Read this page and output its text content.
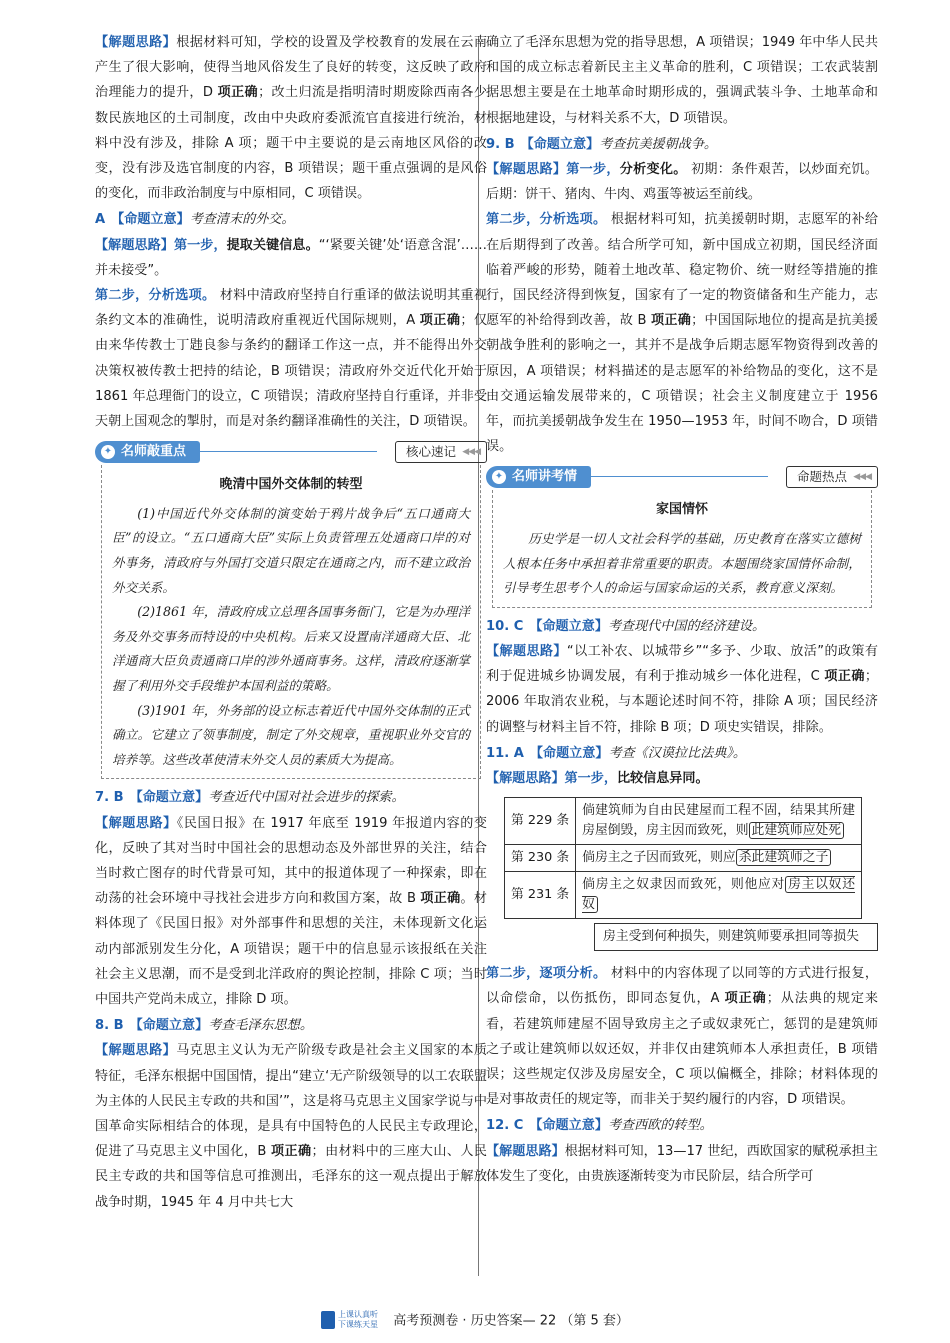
【解题思路】根据材料可知，学校的设置及学校教育的发展在云南产生了很大影响，使得当地风俗发生了良好的转变，这反映了政府治理能力的提升，D 项正确；改土归流是指明清时期废除西南各少数民族地区的土司制度，改由中央政府委派流官直接进行统治，材料中没有涉及，排除 A 项；题干中主要说的是云南地区风俗的改变，没有涉及选官制度的内容，B 项错误；题干重点强调的是风俗的变化，而非政治制度与中原相同，C 项错误。

A 【命题立意】考查清末的外交。

【解题思路】第一步，提取关键信息。“‘紧要关键’处‘语意含混’……并未接受”。

第二步，分析选项。 材料中清政府坚持自行重译的做法说明其重视条约文本的准确性，说明清政府重视近代国际规则，A 项正确；仅由来华传教士丁韪良参与条约的翻译工作这一点，并不能得出外交决策权被传教士把持的结论，B 项错误；清政府外交近代化开始于 1861 年总理衙门的设立，C 项错误；清政府坚持自行重译，并非受天朝上国观念的掣肘，而是对条约翻译准确性的关注，D 项错误。

✦ 名师敲重点	核心速记 ◀◀◀
晚清中国外交体制的转型

(1)中国近代外交体制的演变始于鸦片战争后“五口通商大臣”的设立。“五口通商大臣”实际上负责管理五处通商口岸的对外事务，清政府与外国打交道只限定在通商之内，而不建立政治外交关系。

(2)1861 年，清政府成立总理各国事务衙门，它是为办理洋务及外交事务而特设的中央机构。后来又设置南洋通商大臣、北洋通商大臣负责通商口岸的涉外通商事务。这样，清政府逐渐掌握了利用外交手段维护本国利益的策略。

(3)1901 年，外务部的设立标志着近代中国外交体制的正式确立。它建立了领事制度，制定了外交规章，重视职业外交官的培养等。这些改革使清末外交人员的素质大为提高。

7. B 【命题立意】考查近代中国对社会进步的探索。

【解题思路】《民国日报》在 1917 年底至 1919 年报道内容的变化，反映了其对当时中国社会的思想动态及外部世界的关注，结合当时救亡图存的时代背景可知，其中的报道体现了一种探索，即在动荡的社会环境中寻找社会进步方向和救国方案，故 B 项正确。材料体现了《民国日报》对外部事件和思想的关注，未体现新文化运动内部派别发生分化，A 项错误；题干中的信息显示该报纸在关注社会主义思潮，而不是受到北洋政府的舆论控制，排除 C 项；当时中国共产党尚未成立，排除 D 项。

8. B 【命题立意】考查毛泽东思想。

【解题思路】马克思主义认为无产阶级专政是社会主义国家的本质特征，毛泽东根据中国国情，提出“建立‘无产阶级领导的以工农联盟为主体的人民民主专政的共和国’”，这是将马克思主义国家学说与中国革命实际相结合的体现，是具有中国特色的人民民主专政理论，促进了马克思主义中国化，B 项正确；由材料中的三座大山、人民民主专政的共和国等信息可推测出，毛泽东的这一观点提出于解放战争时期，1945 年 4 月中共七大

确立了毛泽东思想为党的指导思想，A 项错误；1949 年中华人民共和国的成立标志着新民主主义革命的胜利，C 项错误；工农武装割据思想主要是在土地革命时期形成的，强调武装斗争、土地革命和根据地建设，与材料关系不大，D 项错误。

9. B 【命题立意】考查抗美援朝战争。

【解题思路】第一步，分析变化。 初期：条件艰苦，以炒面充饥。后期：饼干、猪肉、牛肉、鸡蛋等被运至前线。

第二步，分析选项。 根据材料可知，抗美援朝时期，志愿军的补给在后期得到了改善。结合所学可知，新中国成立初期，国民经济面临着严峻的形势，随着土地改革、稳定物价、统一财经等措施的推行，国民经济得到恢复，国家有了一定的物资储备和生产能力，志愿军的补给得到改善，故 B 项正确；中国国际地位的提高是抗美援朝战争胜利的影响之一，其并不是战争后期志愿军物资得到改善的原因，A 项错误；材料描述的是志愿军的补给物品的变化，这不是由交通运输发展带来的，C 项错误；社会主义制度建立于 1956 年，而抗美援朝战争发生在 1950—1953 年，时间不吻合，D 项错误。

✦ 名师讲考情	命题热点 ◀◀◀
家国情怀

历史学是一切人文社会科学的基础，历史教育在落实立德树人根本任务中承担着非常重要的职责。本题围绕家国情怀命制，引导考生思考个人的命运与国家命运的关系，教育意义深刻。

10. C 【命题立意】考查现代中国的经济建设。

【解题思路】“以工补农、以城带乡”“多予、少取、放活”的政策有利于促进城乡协调发展，有利于推动城乡一体化进程，C 项正确；2006 年取消农业税，与本题论述时间不符，排除 A 项；国民经济的调整与材料主旨不符，排除 B 项；D 项史实错误，排除。

11. A 【命题立意】考查《汉谟拉比法典》。

【解题思路】第一步，比较信息异同。

第 229 条	倘建筑师为自由民建屋而工程不固，结果其所建房屋倒毁，房主因而致死，则 此建筑师应处死
第 230 条	倘房主之子因而致死，则应 杀此建筑师之子
第 231 条	倘房主之奴隶因而致死，则他应对 房主以奴还奴
房主受到何种损失，则建筑师要承担同等损失

第二步，逐项分析。 材料中的内容体现了以同等的方式进行报复，以命偿命，以伤抵伤，即同态复仇，A 项正确；从法典的规定来看，若建筑师建屋不固导致房主之子或奴隶死亡，惩罚的是建筑师之子或让建筑师以奴还奴，并非仅由建筑师本人承担责任，B 项错误；这些规定仅涉及房屋安全，C 项以偏概全，排除；材料体现的是对事故责任的规定等，而非关于契约履行的内容，D 项错误。

12. C 【命题立意】考查西欧的转型。

【解题思路】根据材料可知，13—17 世纪，西欧国家的赋税承担主体发生了变化，由贵族逐渐转变为市民阶层，结合所学可

上课认真听
下课练天星 高考预测卷 · 历史答案— 22 （第 5 套）
